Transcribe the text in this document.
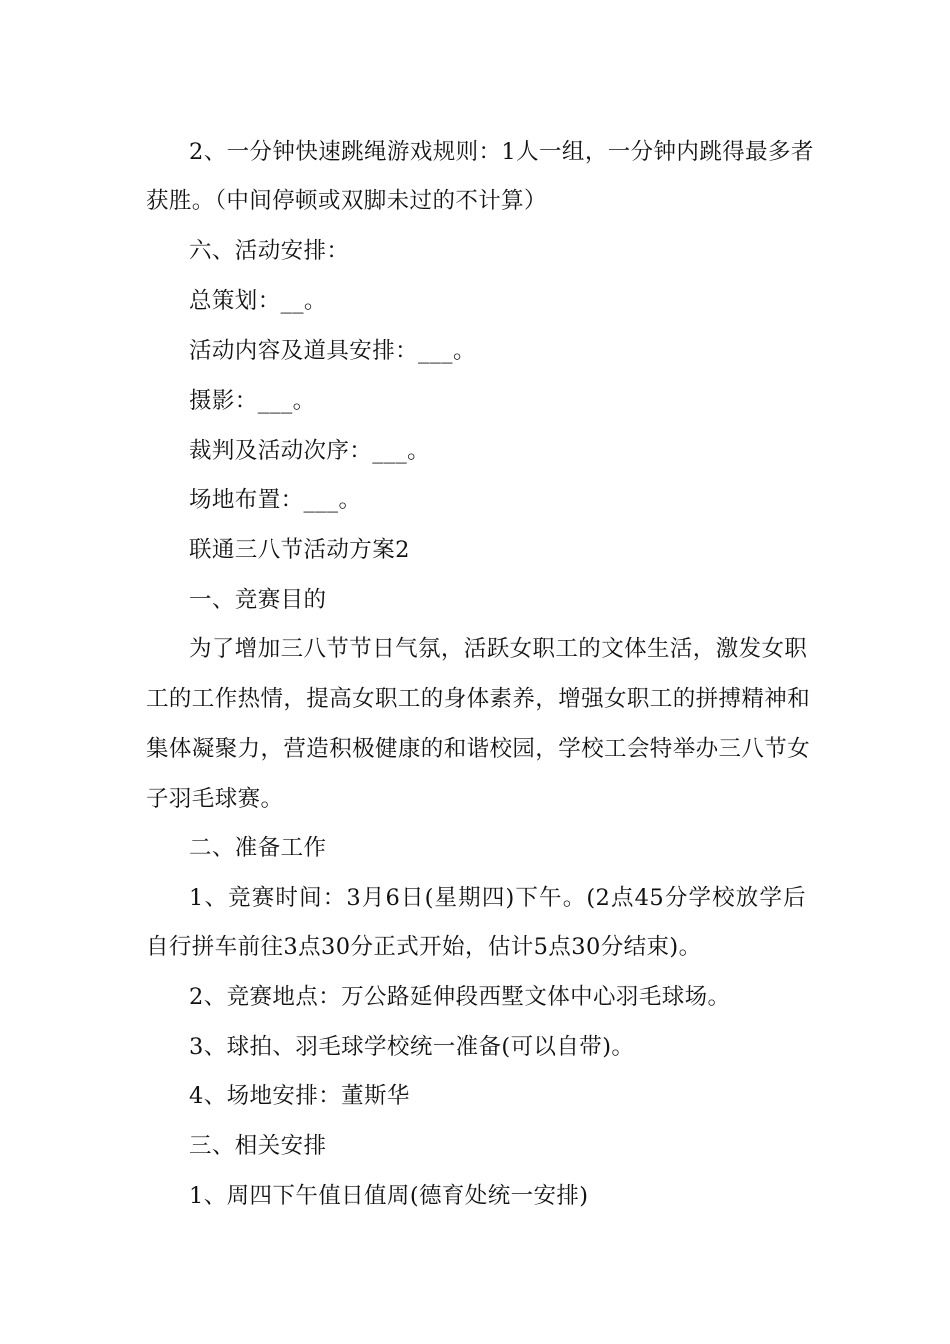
2、一分钟快速跳绳游戏规则：1人一组，一分钟内跳得最多者
获胜。（中间停顿或双脚未过的不计算）
六、活动安排：
总策划：__。
活动内容及道具安排：___。
摄影：___。
裁判及活动次序：___。
场地布置：___。
联通三八节活动方案2
一、竞赛目的
为了增加三八节节日气氛，活跃女职工的文体生活，激发女职
工的工作热情，提高女职工的身体素养，增强女职工的拼搏精神和
集体凝聚力，营造积极健康的和谐校园，学校工会特举办三八节女
子羽毛球赛。
二、准备工作
1、竞赛时间：3月6日(星期四)下午。(2点45分学校放学后
自行拼车前往3点30分正式开始，估计5点30分结束)。
2、竞赛地点：万公路延伸段西墅文体中心羽毛球场。
3、球拍、羽毛球学校统一准备(可以自带)。
4、场地安排：董斯华
三、相关安排
1、周四下午值日值周(德育处统一安排)
